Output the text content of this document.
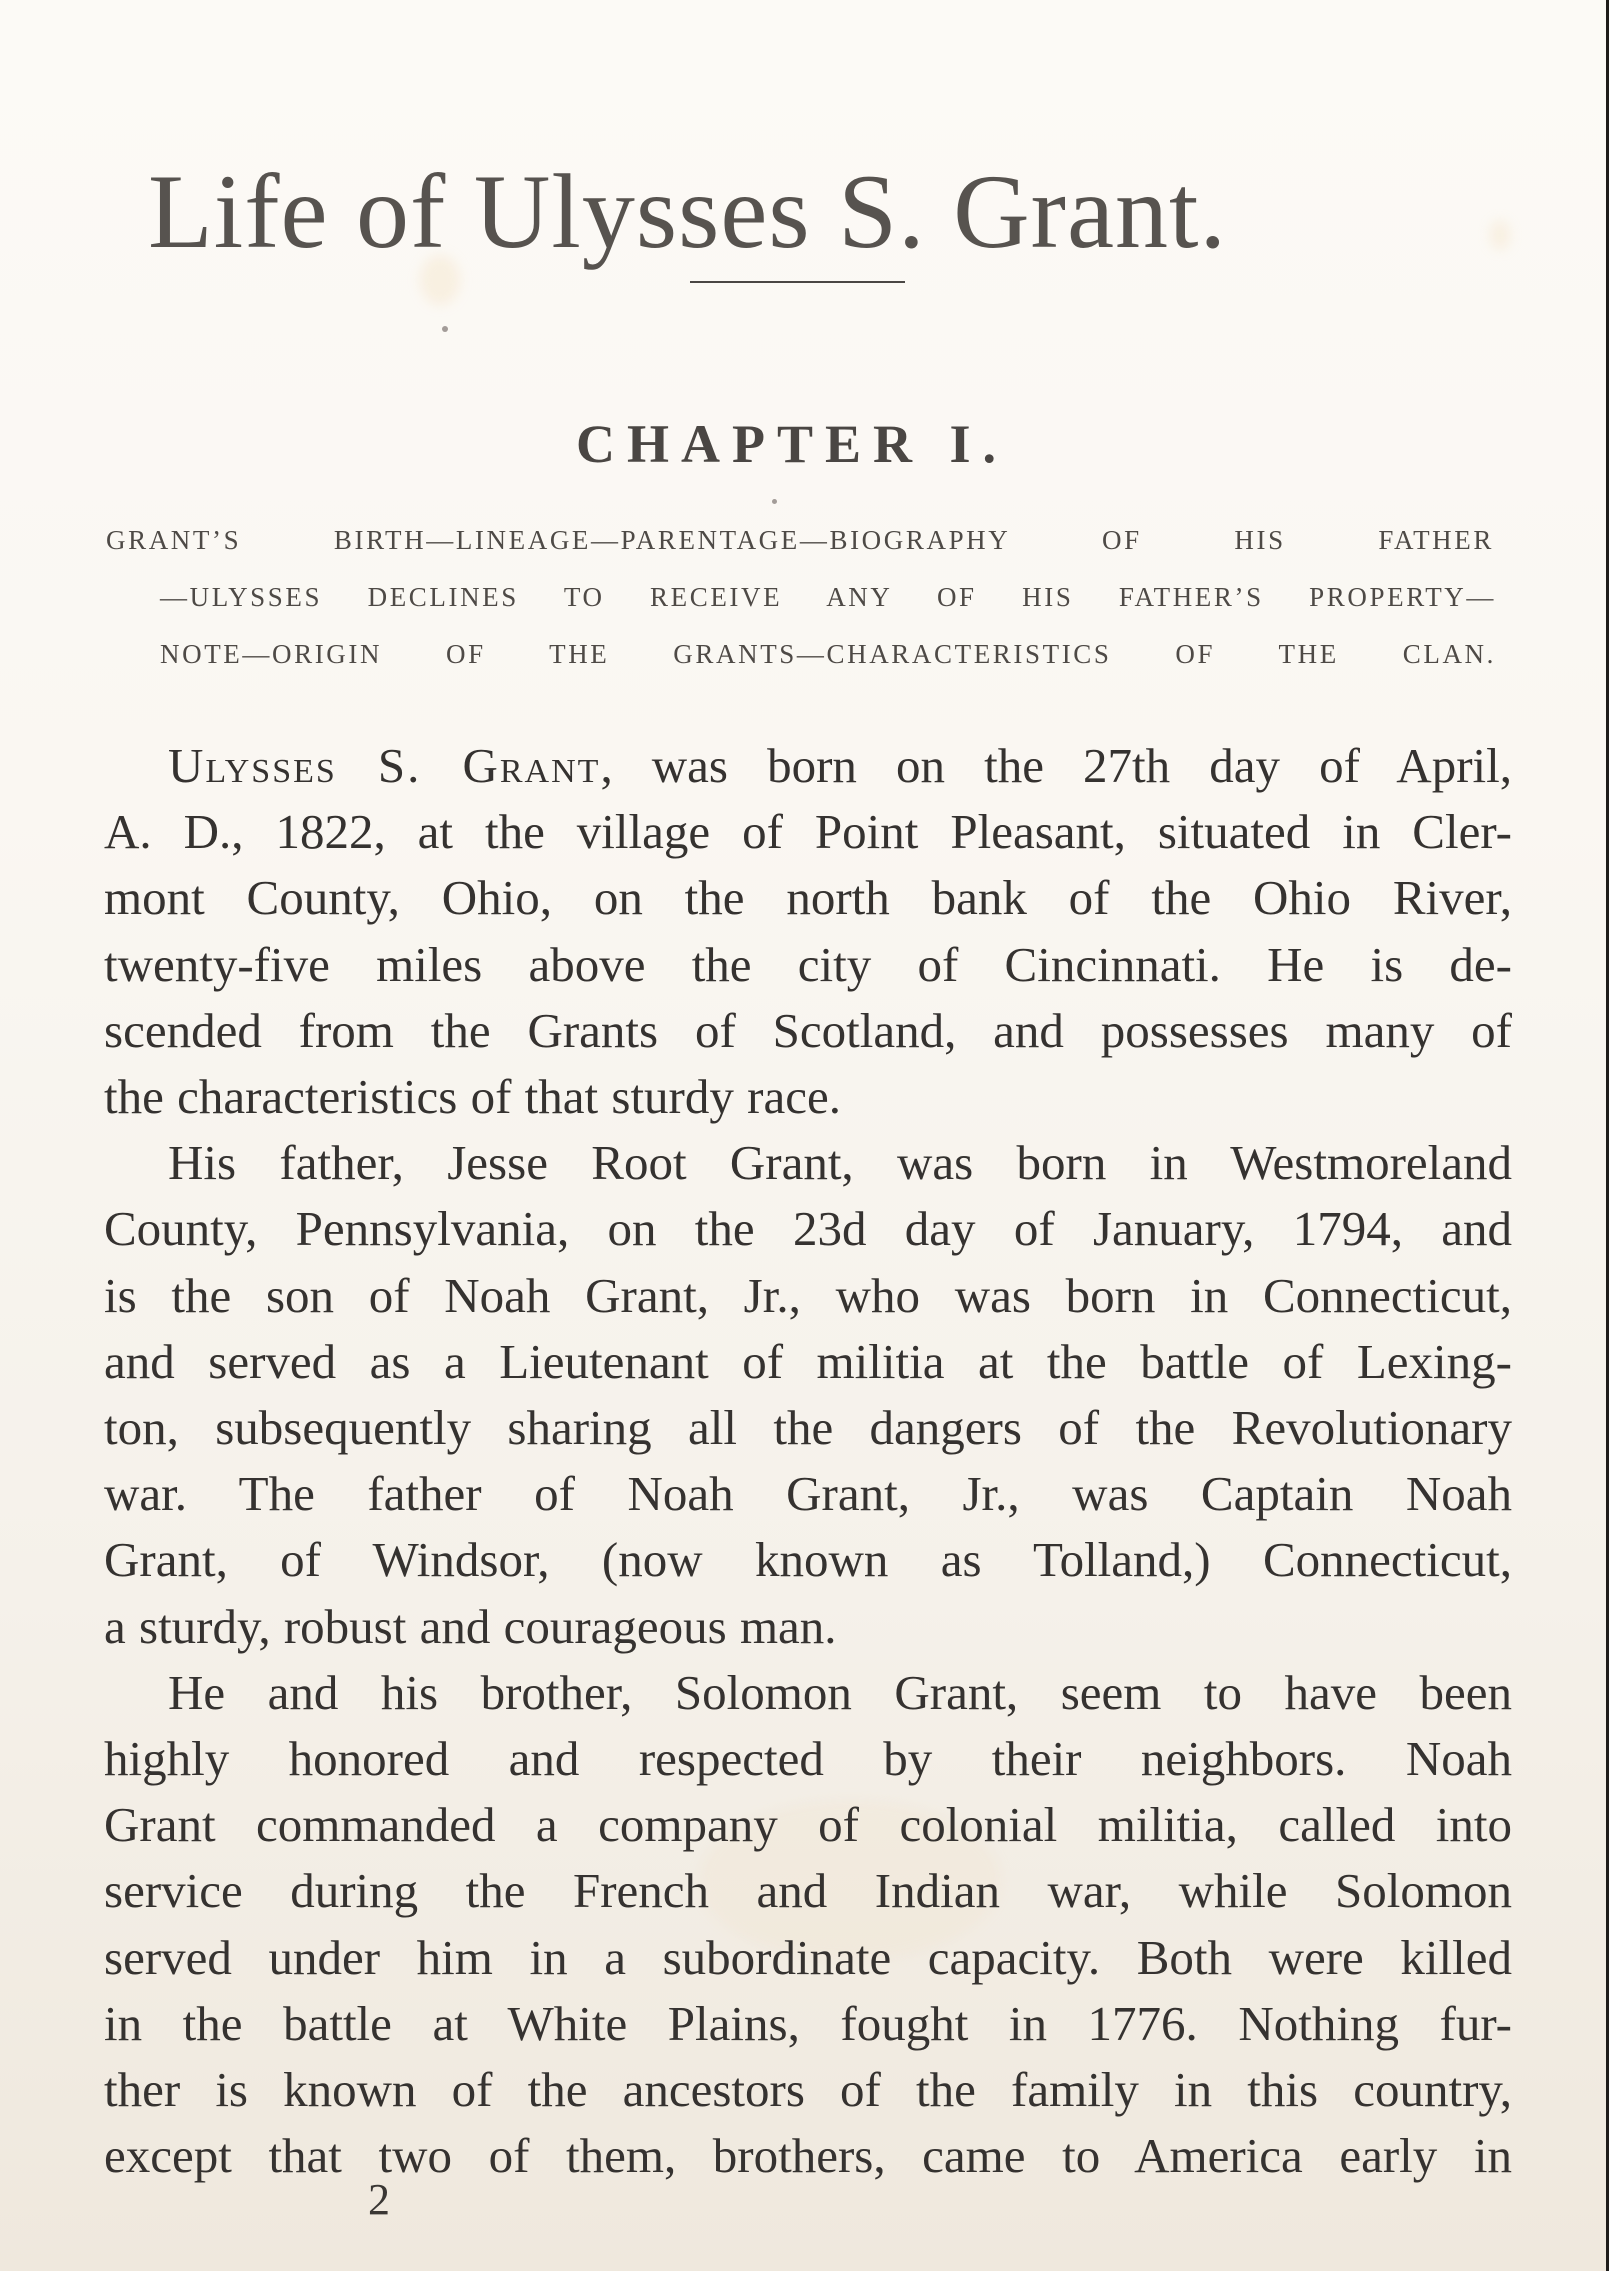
Life of Ulysses S. Grant.
CHAPTER I.
GRANT’S BIRTH—LINEAGE—PARENTAGE—BIOGRAPHY OF HIS FATHER
—ULYSSES DECLINES TO RECEIVE ANY OF HIS FATHER’S PROPERTY—
NOTE—ORIGIN OF THE GRANTS—CHARACTERISTICS OF THE CLAN.
Ulysses S. Grant, was born on the 27th day of April,
A. D., 1822, at the village of Point Pleasant, situated in Cler-
mont County, Ohio, on the north bank of the Ohio River,
twenty-five miles above the city of Cincinnati. He is de-
scended from the Grants of Scotland, and possesses many of
the characteristics of that sturdy race.
His father, Jesse Root Grant, was born in Westmoreland
County, Pennsylvania, on the 23d day of January, 1794, and
is the son of Noah Grant, Jr., who was born in Connecticut,
and served as a Lieutenant of militia at the battle of Lexing-
ton, subsequently sharing all the dangers of the Revolutionary
war. The father of Noah Grant, Jr., was Captain Noah
Grant, of Windsor, (now known as Tolland,) Connecticut,
a sturdy, robust and courageous man.
He and his brother, Solomon Grant, seem to have been
highly honored and respected by their neighbors. Noah
Grant commanded a company of colonial militia, called into
service during the French and Indian war, while Solomon
served under him in a subordinate capacity. Both were killed
in the battle at White Plains, fought in 1776. Nothing fur-
ther is known of the ancestors of the family in this country,
except that two of them, brothers, came to America early in
2
